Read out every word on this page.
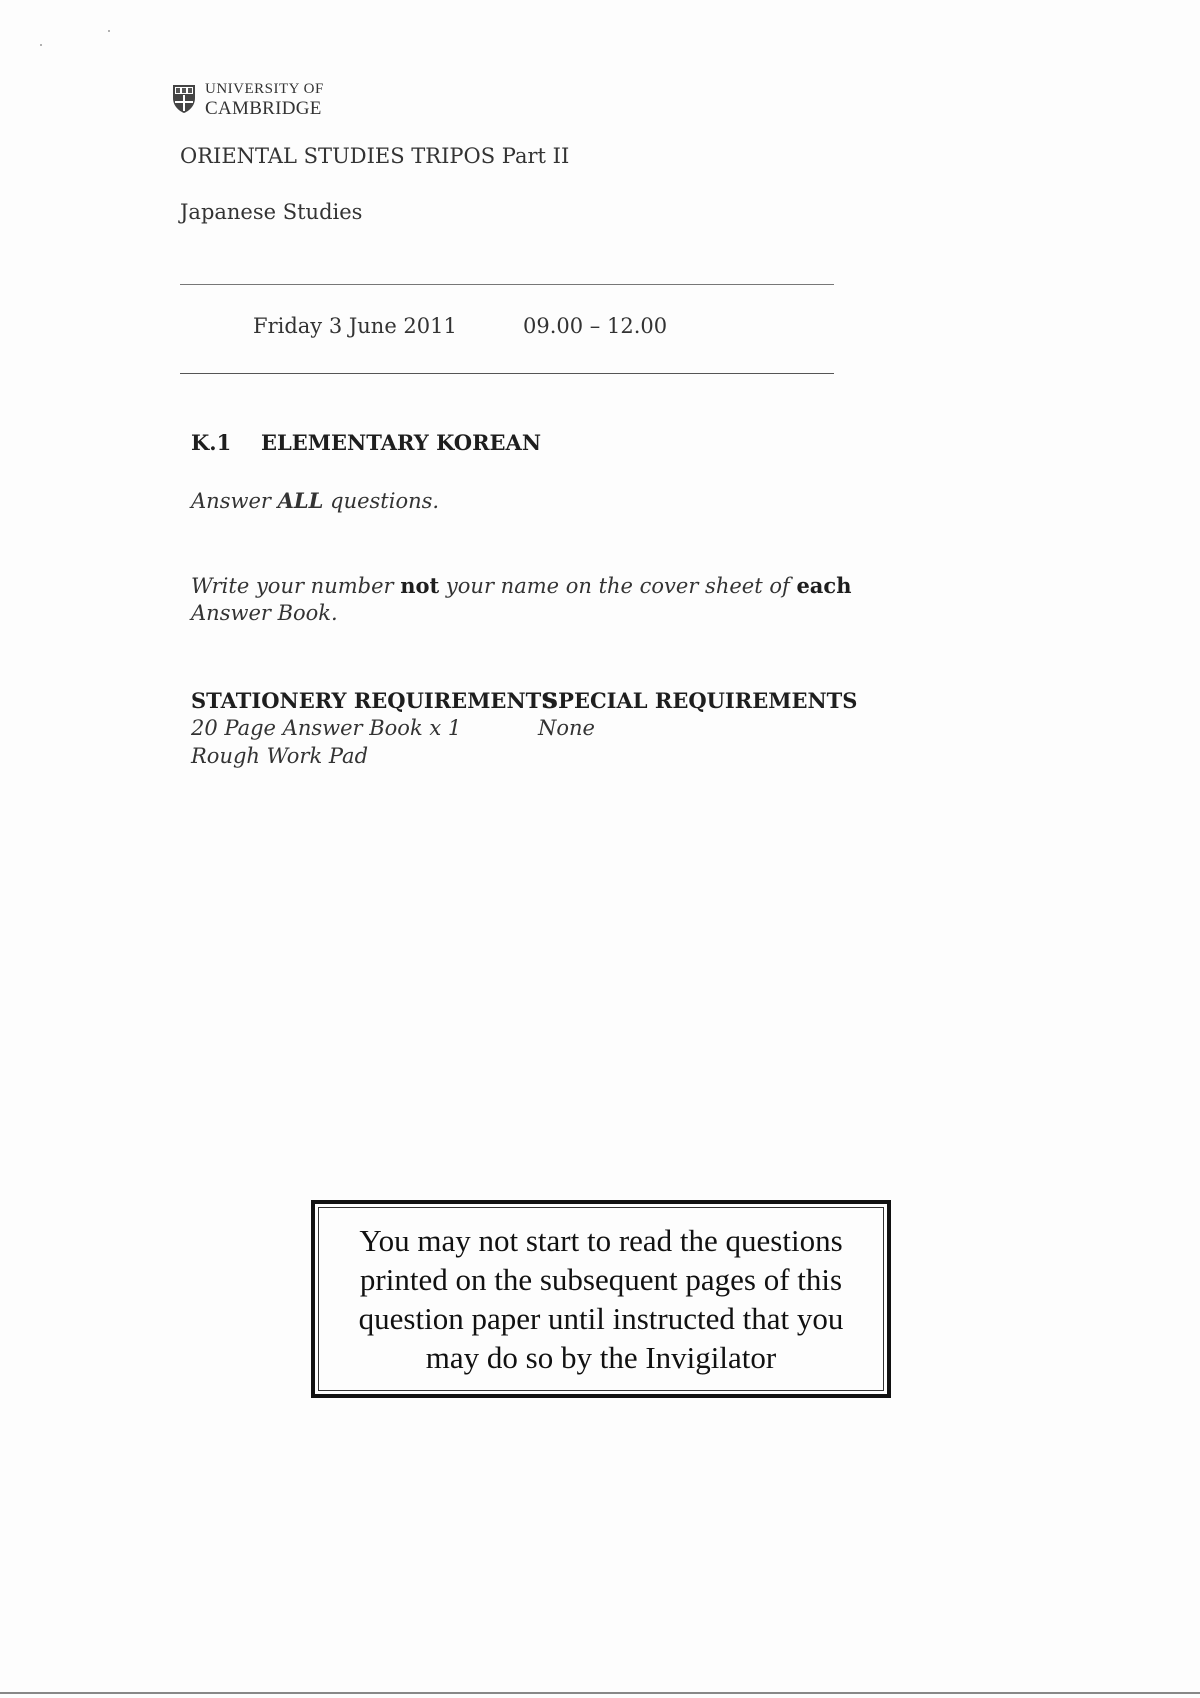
UNIVERSITY OF
CAMBRIDGE
ORIENTAL STUDIES TRIPOS Part II
Japanese Studies
Friday 3 June 2011	09.00 – 12.00
K.1 ELEMENTARY KOREAN
Answer ALL questions.
Write your number not your name on the cover sheet of each
Answer Book.
STATIONERY REQUIREMENTS
SPECIAL REQUIREMENTS
20 Page Answer Book x 1
Rough Work Pad
None
You may not start to read the questions printed on the subsequent pages of this question paper until instructed that you may do so by the Invigilator
